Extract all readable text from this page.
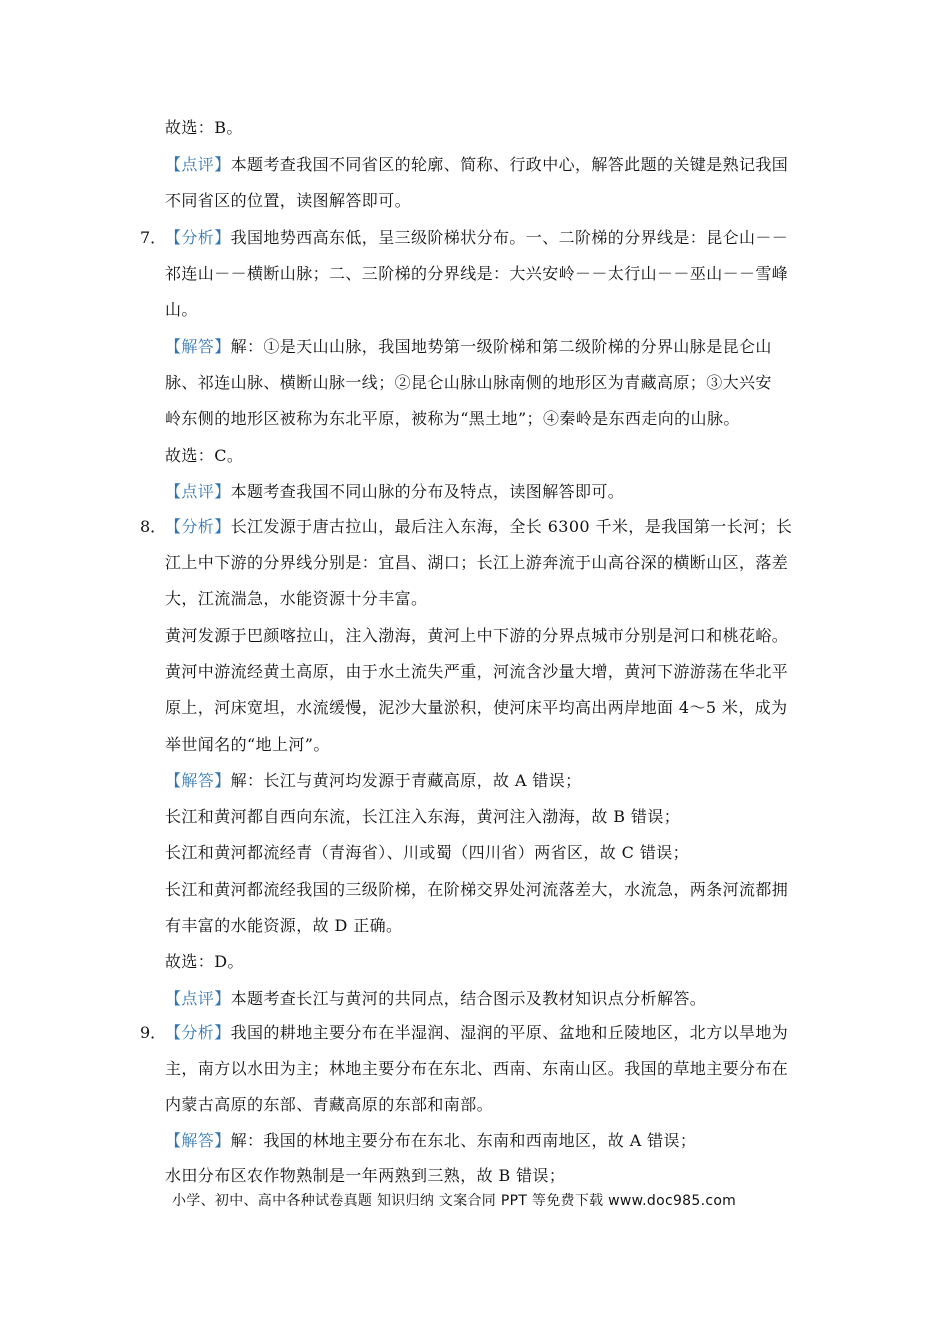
故选：B。
【点评】本题考查我国不同省区的轮廓、简称、行政中心，解答此题的关键是熟记我国
不同省区的位置，读图解答即可。
7．
【分析】我国地势西高东低，呈三级阶梯状分布。一、二阶梯的分界线是：昆仑山－－
祁连山－－横断山脉；二、三阶梯的分界线是：大兴安岭－－太行山－－巫山－－雪峰
山。
【解答】解：①是天山山脉，我国地势第一级阶梯和第二级阶梯的分界山脉是昆仑山
脉、祁连山脉、横断山脉一线；②昆仑山脉山脉南侧的地形区为青藏高原；③大兴安
岭东侧的地形区被称为东北平原，被称为“黑土地”；④秦岭是东西走向的山脉。
故选：C。
【点评】本题考查我国不同山脉的分布及特点，读图解答即可。
8．
【分析】长江发源于唐古拉山，最后注入东海，全长 6300 千米，是我国第一长河；长
江上中下游的分界线分别是：宜昌、湖口；长江上游奔流于山高谷深的横断山区，落差
大，江流湍急，水能资源十分丰富。
黄河发源于巴颜喀拉山，注入渤海，黄河上中下游的分界点城市分别是河口和桃花峪。
黄河中游流经黄土高原，由于水土流失严重，河流含沙量大增，黄河下游游荡在华北平
原上，河床宽坦，水流缓慢，泥沙大量淤积，使河床平均高出两岸地面 4～5 米，成为
举世闻名的“地上河”。
【解答】解：长江与黄河均发源于青藏高原，故 A 错误；
长江和黄河都自西向东流，长江注入东海，黄河注入渤海，故 B 错误；
长江和黄河都流经青（青海省）、川或蜀（四川省）两省区，故 C 错误；
长江和黄河都流经我国的三级阶梯，在阶梯交界处河流落差大，水流急，两条河流都拥
有丰富的水能资源，故 D 正确。
故选：D。
【点评】本题考查长江与黄河的共同点，结合图示及教材知识点分析解答。
9．
【分析】我国的耕地主要分布在半湿润、湿润的平原、盆地和丘陵地区，北方以旱地为
主，南方以水田为主；林地主要分布在东北、西南、东南山区。我国的草地主要分布在
内蒙古高原的东部、青藏高原的东部和南部。
【解答】解：我国的林地主要分布在东北、东南和西南地区，故 A 错误；
水田分布区农作物熟制是一年两熟到三熟，故 B 错误；
小学、初中、高中各种试卷真题 知识归纳 文案合同 PPT 等免费下载 www.doc985.com
